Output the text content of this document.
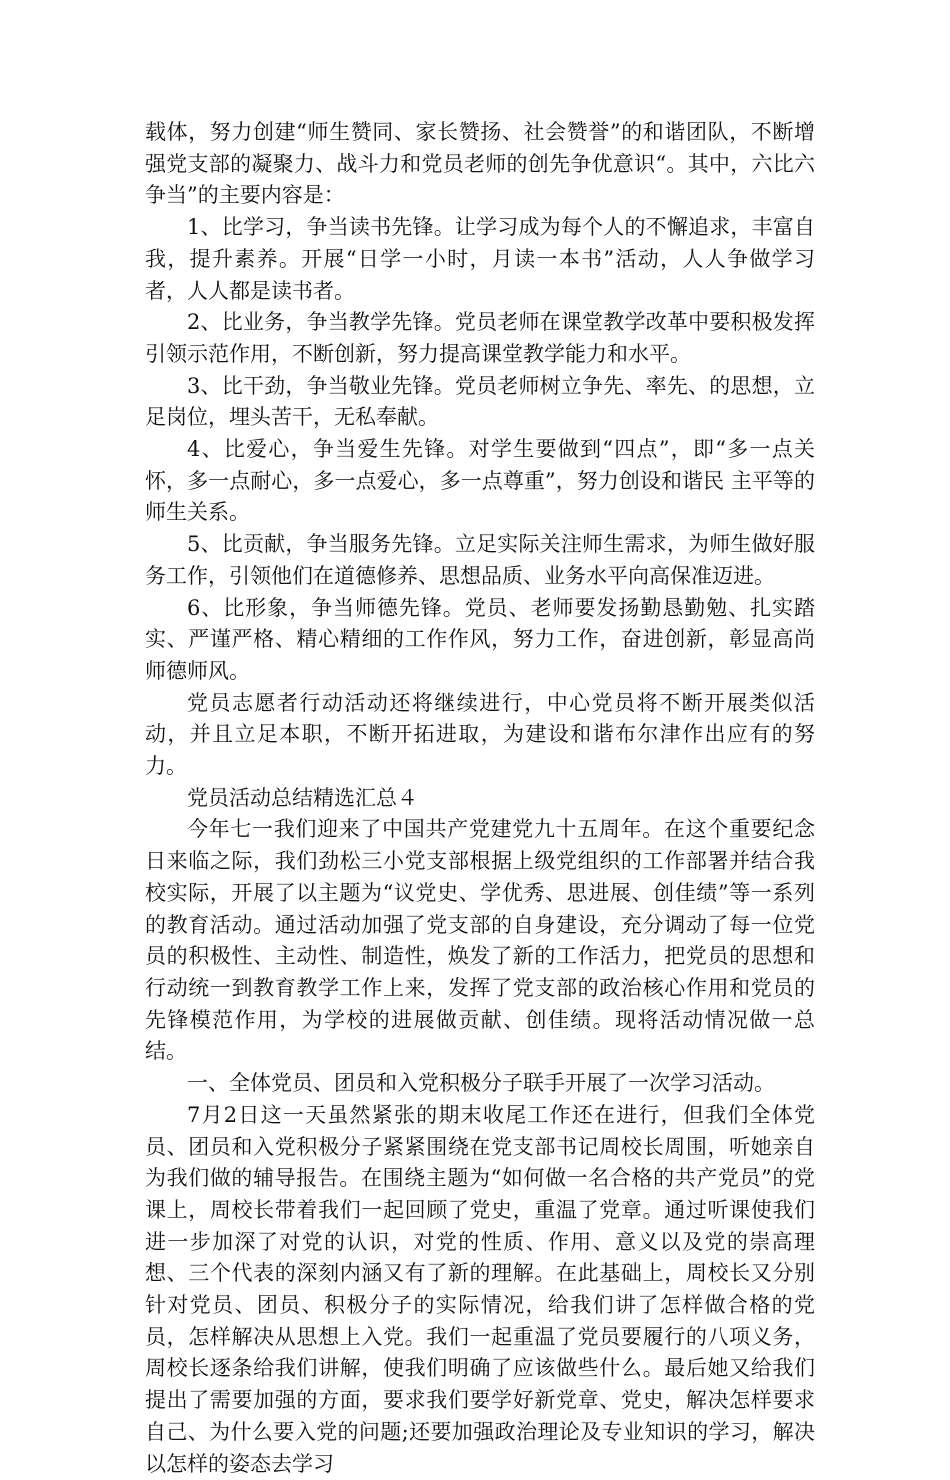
载体，努力创建“师生赞同、家长赞扬、社会赞誉”的和谐团队，不断增强党支部的凝聚力、战斗力和党员老师的创先争优意识“。其中，六比六争当”的主要内容是：

1、比学习，争当读书先锋。让学习成为每个人的不懈追求，丰富自我，提升素养。开展“日学一小时，月读一本书”活动，人人争做学习者，人人都是读书者。

2、比业务，争当教学先锋。党员老师在课堂教学改革中要积极发挥引领示范作用，不断创新，努力提高课堂教学能力和水平。

3、比干劲，争当敬业先锋。党员老师树立争先、率先、的思想，立足岗位，埋头苦干，无私奉献。

4、比爱心，争当爱生先锋。对学生要做到“四点”，即“多一点关怀，多一点耐心，多一点爱心，多一点尊重”，努力创设和谐民 主平等的师生关系。

5、比贡献，争当服务先锋。立足实际关注师生需求，为师生做好服务工作，引领他们在道德修养、思想品质、业务水平向高保准迈进。

6、比形象，争当师德先锋。党员、老师要发扬勤恳勤勉、扎实踏实、严谨严格、精心精细的工作作风，努力工作，奋进创新，彰显高尚师德师风。

党员志愿者行动活动还将继续进行，中心党员将不断开展类似活动，并且立足本职，不断开拓进取，为建设和谐布尔津作出应有的努力。

党员活动总结精选汇总４

今年七一我们迎来了中国共产党建党九十五周年。在这个重要纪念日来临之际，我们劲松三小党支部根据上级党组织的工作部署并结合我校实际，开展了以主题为“议党史、学优秀、思进展、创佳绩”等一系列的教育活动。通过活动加强了党支部的自身建设，充分调动了每一位党员的积极性、主动性、制造性，焕发了新的工作活力，把党员的思想和行动统一到教育教学工作上来，发挥了党支部的政治核心作用和党员的先锋模范作用，为学校的进展做贡献、创佳绩。现将活动情况做一总结。

一、全体党员、团员和入党积极分子联手开展了一次学习活动。

7月2日这一天虽然紧张的期末收尾工作还在进行，但我们全体党员、团员和入党积极分子紧紧围绕在党支部书记周校长周围，听她亲自为我们做的辅导报告。在围绕主题为“如何做一名合格的共产党员”的党课上，周校长带着我们一起回顾了党史，重温了党章。通过听课使我们进一步加深了对党的认识，对党的性质、作用、意义以及党的崇高理想、三个代表的深刻内涵又有了新的理解。在此基础上，周校长又分别针对党员、团员、积极分子的实际情况，给我们讲了怎样做合格的党员，怎样解决从思想上入党。我们一起重温了党员要履行的八项义务，周校长逐条给我们讲解，使我们明确了应该做些什么。最后她又给我们提出了需要加强的方面，要求我们要学好新党章、党史，解决怎样要求自己、为什么要入党的问题;还要加强政治理论及专业知识的学习，解决以怎样的姿态去学习
